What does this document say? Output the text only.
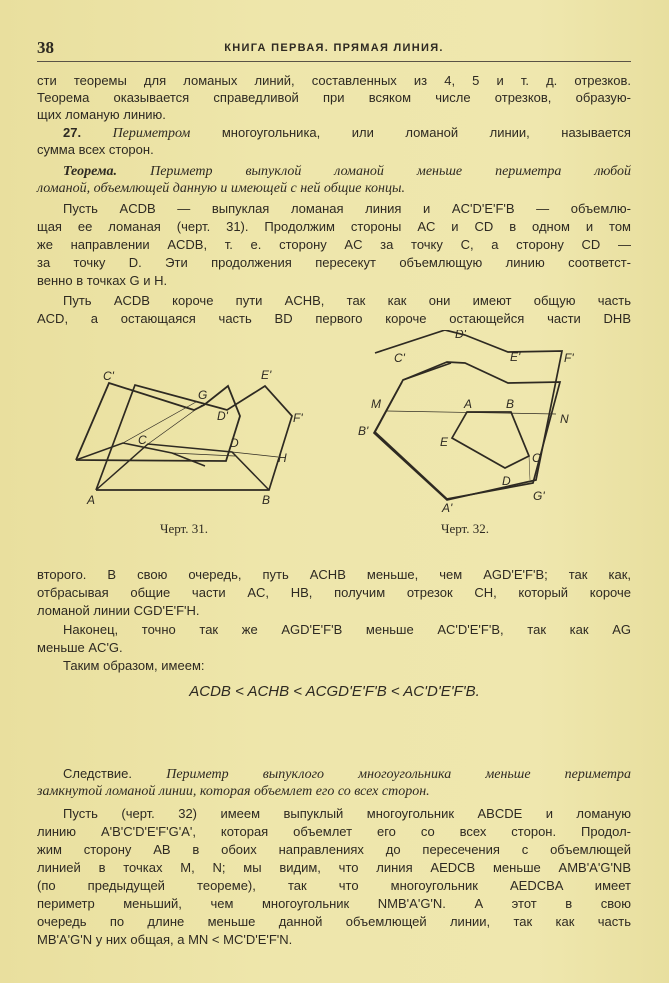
38	КНИГА ПЕРВАЯ. ПРЯМАЯ ЛИНИЯ.
сти теоремы для ломаных линий, составленных из 4, 5 и т. д. отрезков.
Теорема оказывается справедливой при всяком числе отрезков, образую-
щих ломаную линию.
27. Периметром многоугольника, или ломаной линии, называется
сумма всех сторон.
Теорема. Периметр выпуклой ломаной меньше периметра любой
ломаной, объемлющей данную и имеющей с ней общие концы.
Пусть ACDB — выпуклая ломаная линия и AC'D'E'F'B — объемлю-
щая ее ломаная (черт. 31). Продолжим стороны AC и CD в одном и том
же направлении ACDB, т. е. сторону AC за точку C, а сторону CD —
за точку D. Эти продолжения пересекут объемлющую линию соответст-
венно в точках G и H.
Путь ACDB короче пути ACHB, так как они имеют общую часть
ACD, а остающаяся часть BD первого короче остающейся части DHB
C'
G
E'
D'	F'
C	D
H
A	B
Черт. 31.
D'
C'	E'	F'
M	A	B
N
B'
E
C
D
G'
A'
Черт. 32.
второго. В свою очередь, путь ACHB меньше, чем AGD'E'F'B; так как,
отбрасывая общие части AC, HB, получим отрезок CH, который короче
ломаной линии CGD'E'F'H.
Наконец, точно так же AGD'E'F'B меньше AC'D'E'F'B, так как AG
меньше AC'G.
Таким образом, имеем:
ACDB < ACHB < ACGD'E'F'B < AC'D'E'F'B.
Следствие. Периметр выпуклого многоугольника меньше периметра
замкнутой ломаной линии, которая объемлет его со всех сторон.
Пусть (черт. 32) имеем выпуклый многоугольник ABCDE и ломаную
линию A'B'C'D'E'F'G'A', которая объемлет его со всех сторон. Продол-
жим сторону AB в обоих направлениях до пересечения с объемлющей
линией в точках M, N; мы видим, что линия AEDCB меньше AMB'A'G'NB
(по предыдущей теореме), так что многоугольник AEDCBA имеет
периметр меньший, чем многоугольник NMB'A'G'N. А этот в свою
очередь по длине меньше данной объемлющей линии, так как часть
MB'A'G'N у них общая, а MN < MC'D'E'F'N.
